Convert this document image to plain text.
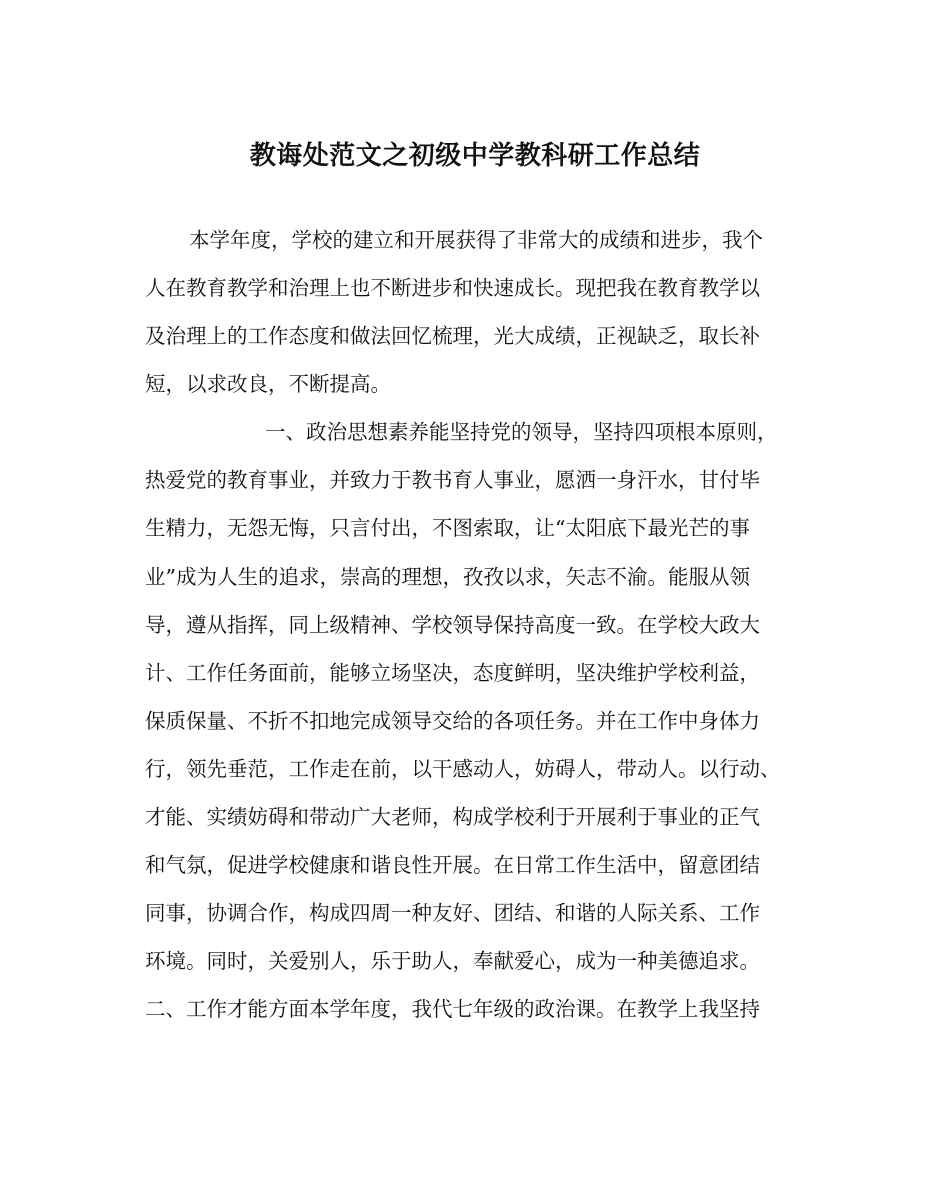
教诲处范文之初级中学教科研工作总结
本学年度，学校的建立和开展获得了非常大的成绩和进步，我个
人在教育教学和治理上也不断进步和快速成长。现把我在教育教学以
及治理上的工作态度和做法回忆梳理，光大成绩，正视缺乏，取长补
短，以求改良，不断提高。
一、政治思想素养能坚持党的领导，坚持四项根本原则，
热爱党的教育事业，并致力于教书育人事业，愿洒一身汗水，甘付毕
生精力，无怨无悔，只言付出，不图索取，让“太阳底下最光芒的事
业”成为人生的追求，崇高的理想，孜孜以求，矢志不渝。能服从领
导，遵从指挥，同上级精神、学校领导保持高度一致。在学校大政大
计、工作任务面前，能够立场坚决，态度鲜明，坚决维护学校利益，
保质保量、不折不扣地完成领导交给的各项任务。并在工作中身体力
行，领先垂范，工作走在前，以干感动人，妨碍人，带动人。以行动、
才能、实绩妨碍和带动广大老师，构成学校利于开展利于事业的正气
和气氛，促进学校健康和谐良性开展。在日常工作生活中，留意团结
同事，协调合作，构成四周一种友好、团结、和谐的人际关系、工作
环境。同时，关爱别人，乐于助人，奉献爱心，成为一种美德追求。
二、工作才能方面本学年度，我代七年级的政治课。在教学上我坚持
